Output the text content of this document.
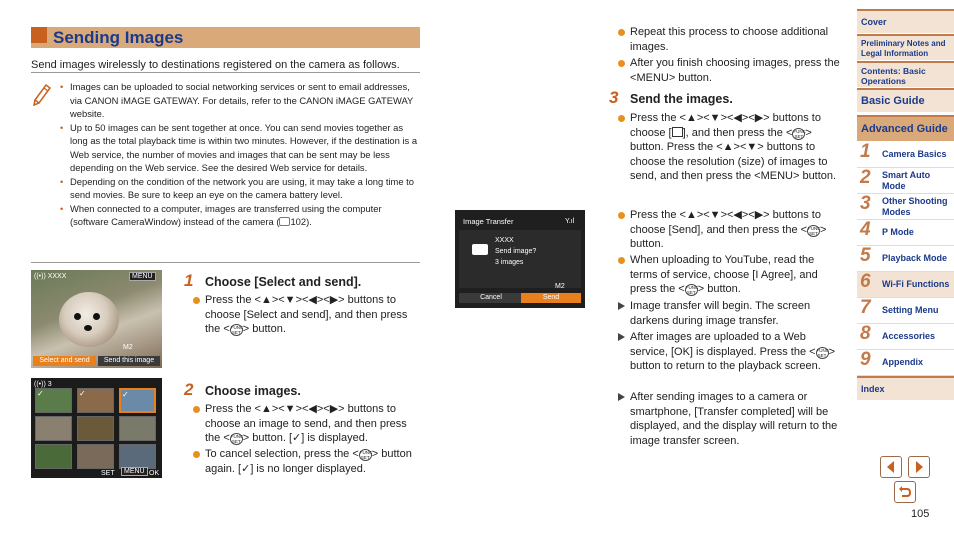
Sending Images
Send images wirelessly to destinations registered on the camera as follows.
• Images can be uploaded to social networking services or sent to email addresses, via CANON iMAGE GATEWAY. For details, refer to the CANON iMAGE GATEWAY website.
• Up to 50 images can be sent together at once. You can send movies together as long as the total playback time is within two minutes. However, if the destination is a Web service, the number of movies and images that can be sent may be less depending on the Web service. See the desired Web service for details.
• Depending on the condition of the network you are using, it may take a long time to send movies. Be sure to keep an eye on the camera battery level.
• When connected to a computer, images are transferred using the computer (software CameraWindow) instead of the camera ( 102).
((•)) XXXX	MENU
M2
Select and send	Send this image
((•)) 3
✓	✓	✓
SET	MENU OK
1 Choose [Select and send].
Press the <▲><▼><◀><▶> buttons to choose [Select and send], and then press the <FUNC
SET > button.
2 Choose images.
Press the <▲><▼><◀><▶> buttons to choose an image to send, and then press the <FUNC
SET > button. [✓] is displayed.
To cancel selection, press the <FUNC
SET > button again. [✓] is no longer displayed.
Image Transfer	Y.ıl
XXXX
Send image?
3 images
M2
Cancel	Send
Repeat this process to choose additional images.
After you finish choosing images, press the <MENU> button.
3 Send the images.
Press the <▲><▼><◀><▶> buttons to choose [ ], and then press the <FUNC
SET > button. Press the <▲><▼> buttons to choose the resolution (size) of images to send, and then press the <MENU> button.
Press the <▲><▼><◀><▶> buttons to choose [Send], and then press the <FUNC
SET > button.
When uploading to YouTube, read the terms of service, choose [I Agree], and press the <FUNC
SET > button.
Image transfer will begin. The screen darkens during image transfer.
After images are uploaded to a Web service, [OK] is displayed. Press the <FUNC
SET > button to return to the playback screen.
After sending images to a camera or smartphone, [Transfer completed] will be displayed, and the display will return to the image transfer screen.
Cover
Preliminary Notes and Legal Information
Contents: Basic Operations
Basic Guide
Advanced Guide
1 Camera Basics
2 Smart Auto Mode
3 Other Shooting Modes
4 P Mode
5 Playback Mode
6 Wi-Fi Functions
7 Setting Menu
8 Accessories
9 Appendix
Index
105
